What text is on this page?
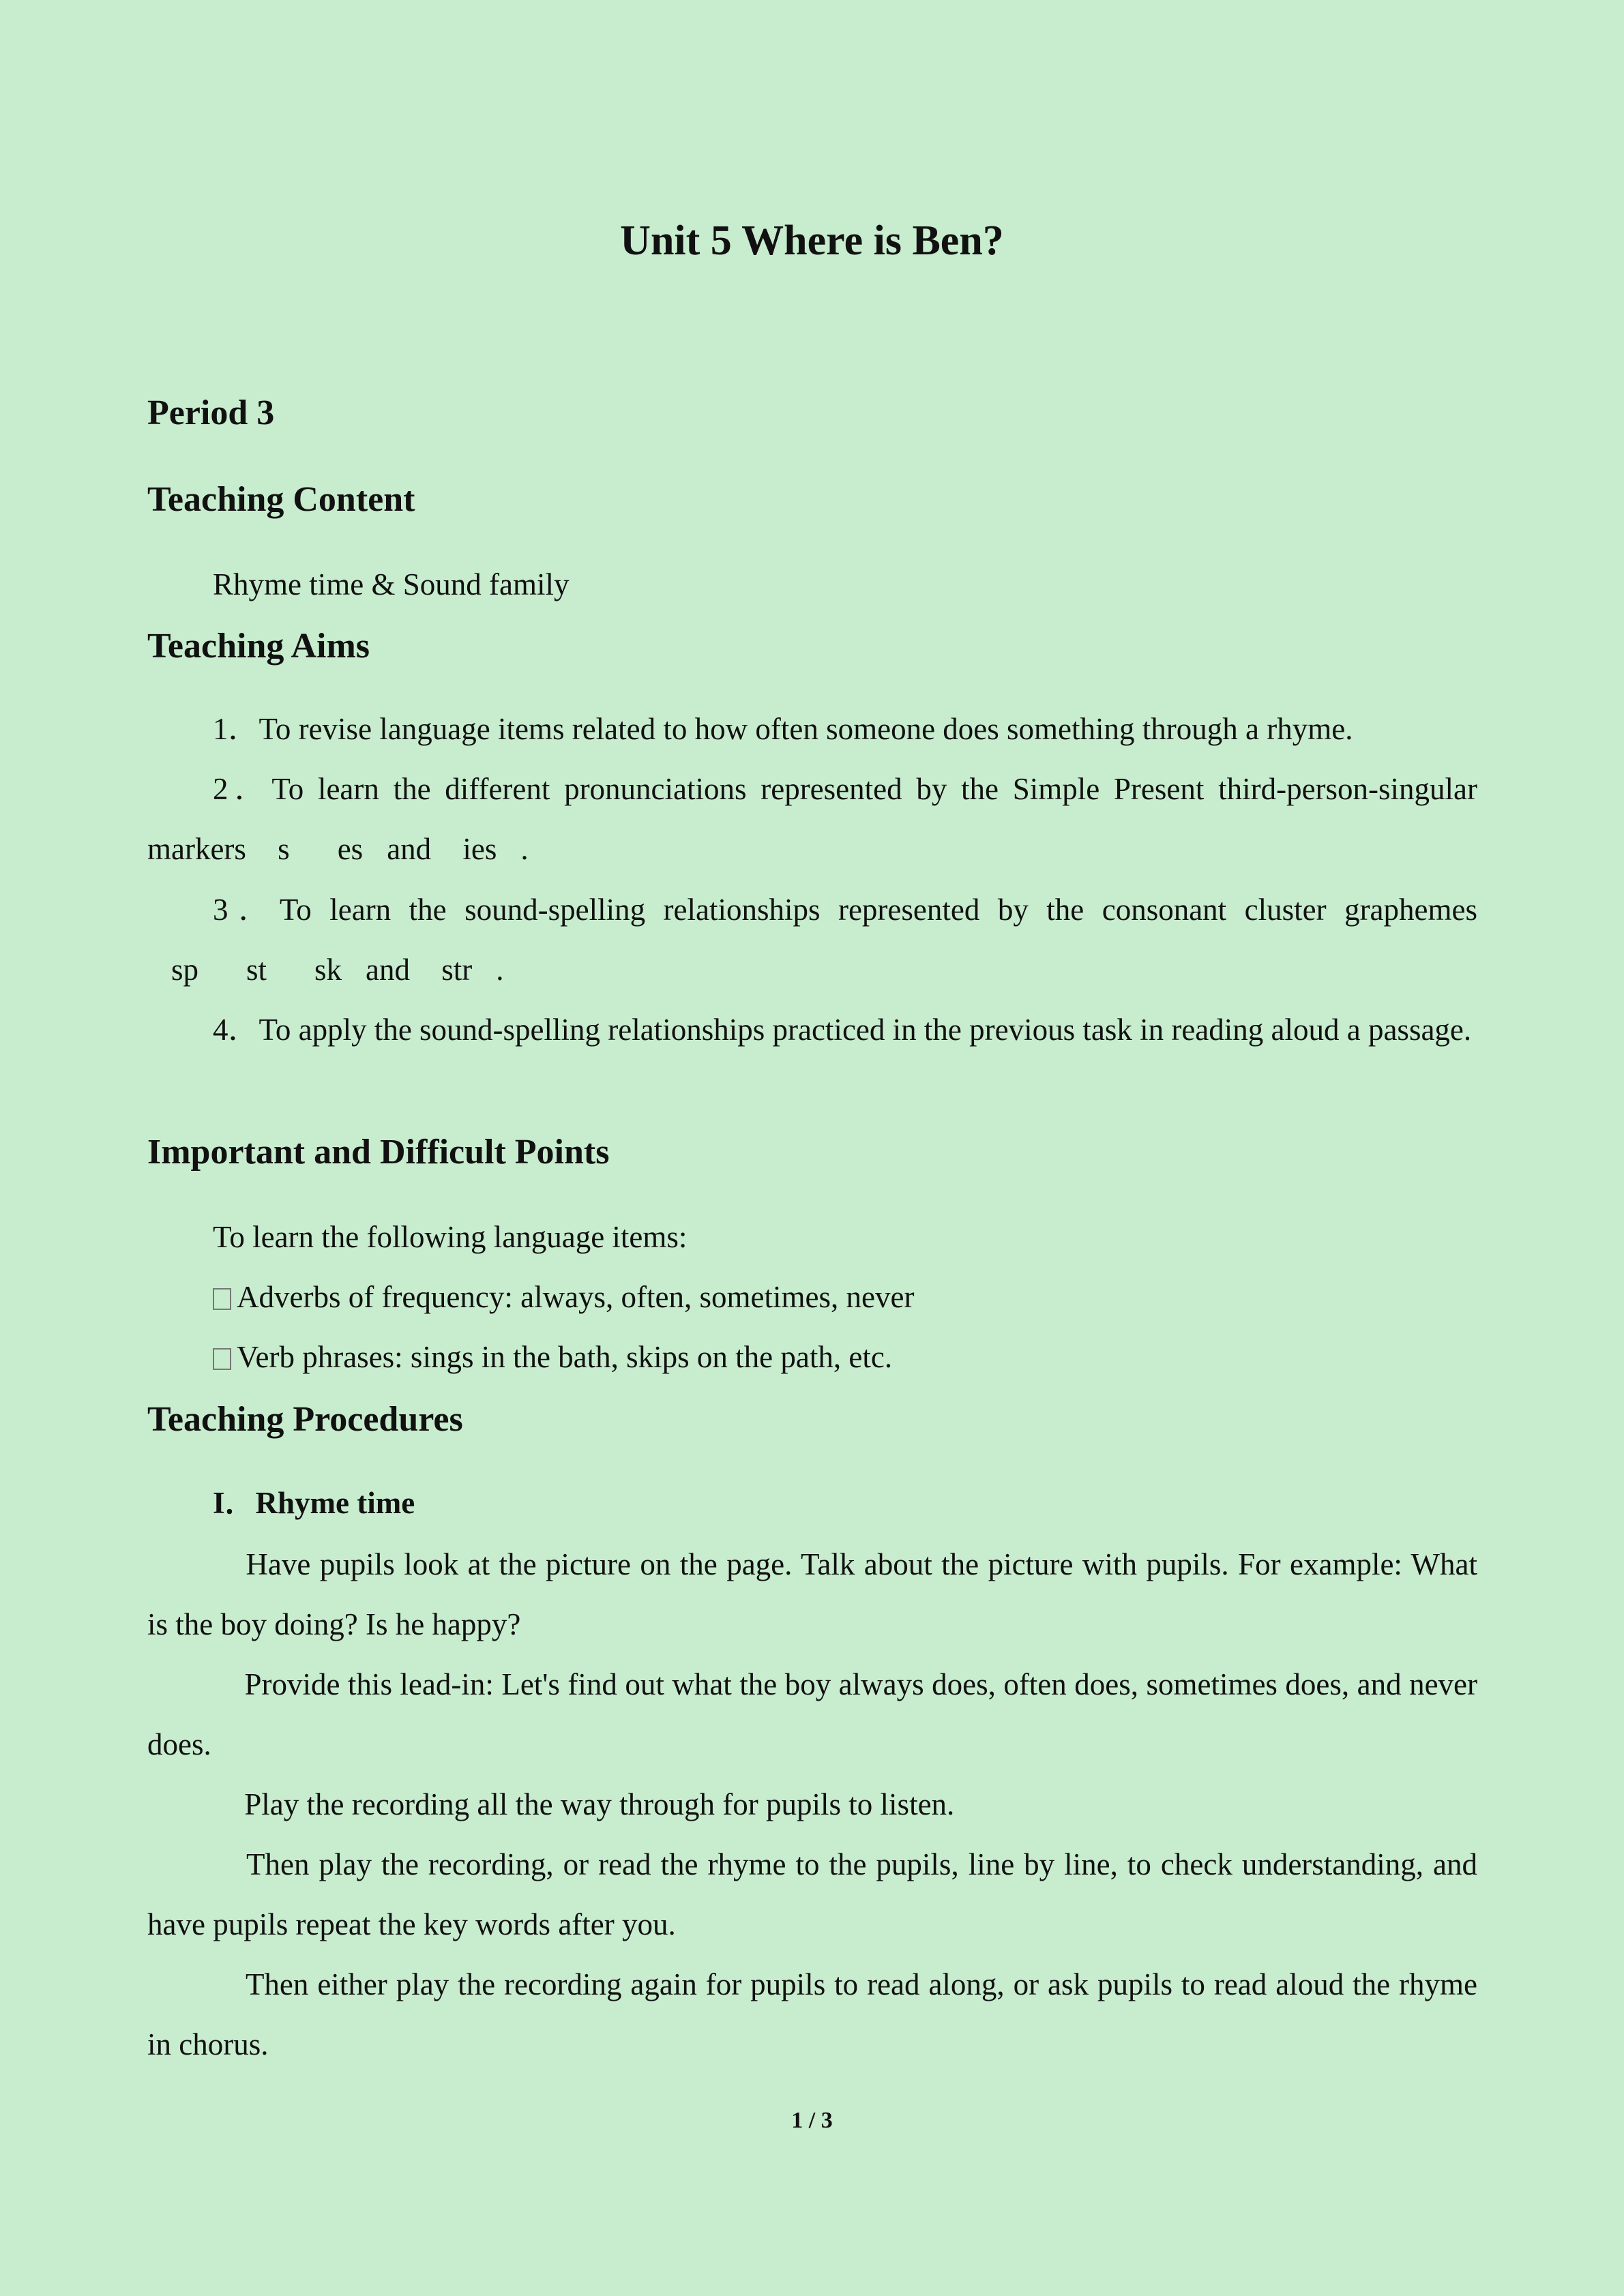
Unit 5 Where is Ben?

Period 3

Teaching Content

Rhyme time & Sound family

Teaching Aims

1．To revise language items related to how often someone does something through a rhyme.

2．To learn the different pronunciations represented by the Simple Present third-person-singular markers s es and ies .

3．To learn the sound-spelling relationships represented by the consonant cluster graphemes sp st sk and str .

4．To apply the sound-spelling relationships practiced in the previous task in reading aloud a passage.

Important and Difficult Points

To learn the following language items:

Adverbs of frequency: always, often, sometimes, never

Verb phrases: sings in the bath, skips on the path, etc.

Teaching Procedures

I．Rhyme time

Have pupils look at the picture on the page. Talk about the picture with pupils. For example: What is the boy doing? Is he happy?

Provide this lead-in: Let's find out what the boy always does, often does, sometimes does, and never does.

Play the recording all the way through for pupils to listen.

Then play the recording, or read the rhyme to the pupils, line by line, to check understanding, and have pupils repeat the key words after you.

Then either play the recording again for pupils to read along, or ask pupils to read aloud the rhyme in chorus.

1 / 3
